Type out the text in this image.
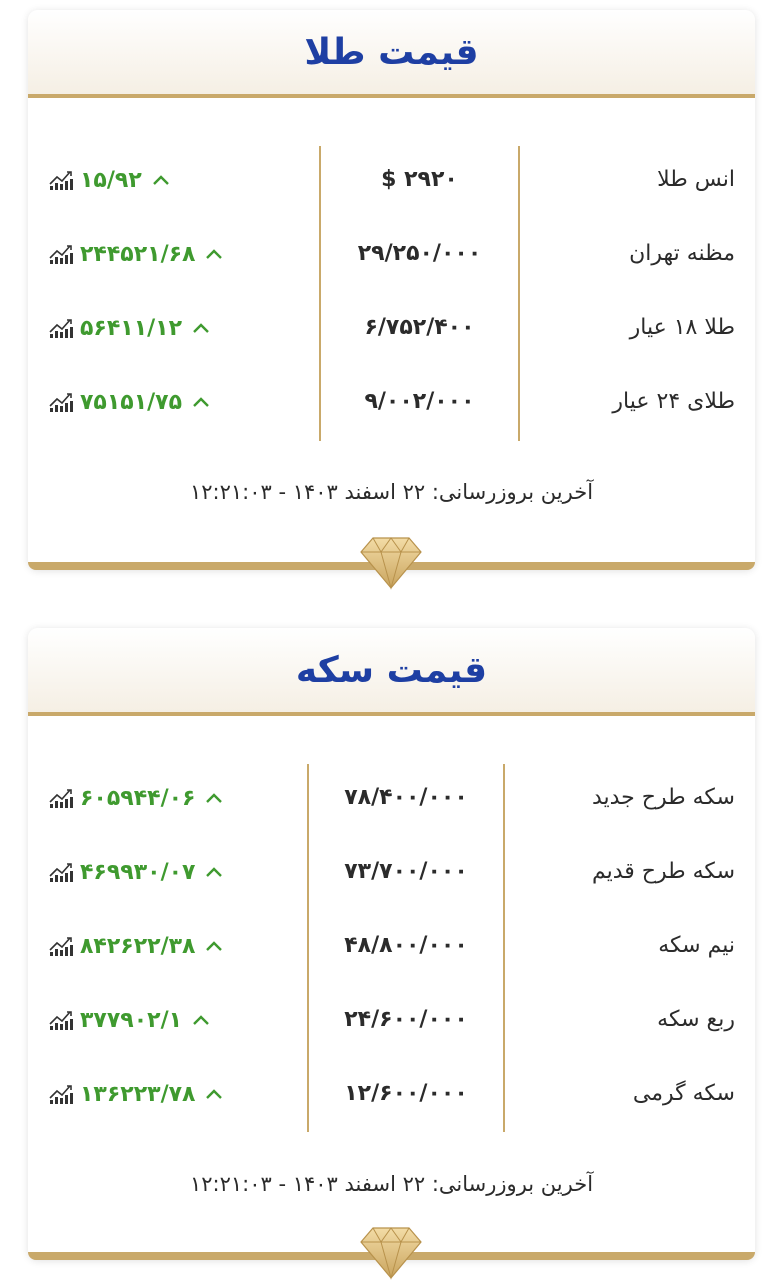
قیمت طلا
انس طلا
$ ۲۹۲۰
۱۵/۹۲
مظنه تهران
۲۹/۲۵۰/۰۰۰
۲۴۴۵۲۱/۶۸
طلا ۱۸ عیار
۶/۷۵۲/۴۰۰
۵۶۴۱۱/۱۲
طلای ۲۴ عیار
۹/۰۰۲/۰۰۰
۷۵۱۵۱/۷۵
آخرین بروزرسانی: ۲۲ اسفند ۱۴۰۳ - ۱۲:۲۱:۰۳
قیمت سکه
سکه طرح جدید
۷۸/۴۰۰/۰۰۰
۶۰۵۹۴۴/۰۶
سکه طرح قدیم
۷۳/۷۰۰/۰۰۰
۴۶۹۹۳۰/۰۷
نیم سکه
۴۸/۸۰۰/۰۰۰
۸۴۲۶۲۲/۳۸
ربع سکه
۲۴/۶۰۰/۰۰۰
۳۷۷۹۰۲/۱
سکه گرمی
۱۲/۶۰۰/۰۰۰
۱۳۶۲۲۳/۷۸
آخرین بروزرسانی: ۲۲ اسفند ۱۴۰۳ - ۱۲:۲۱:۰۳
